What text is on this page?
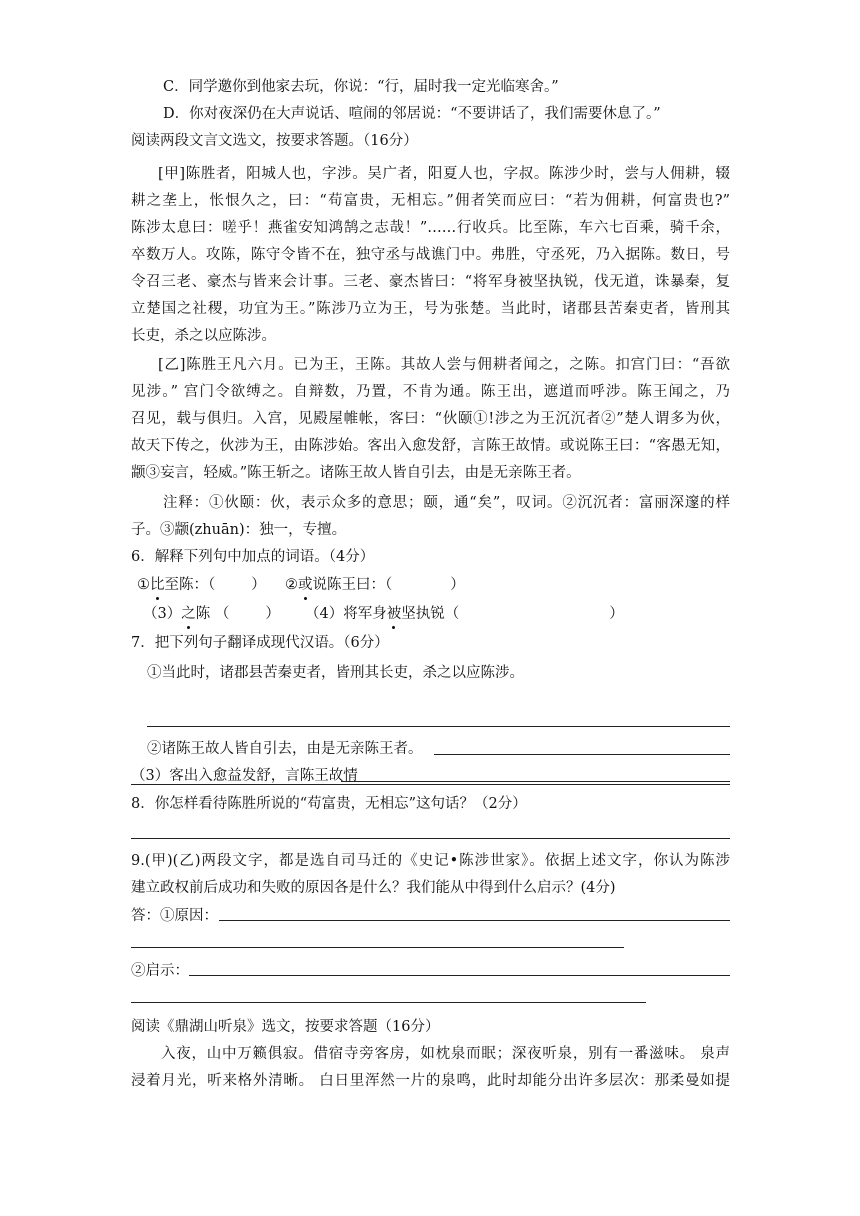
C．同学邀你到他家去玩，你说：“行，届时我一定光临寒舍。”
D．你对夜深仍在大声说话、喧闹的邻居说：“不要讲话了，我们需要休息了。”
阅读两段文言文选文，按要求答题。（16分）
[甲]陈胜者，阳城人也，字涉。吴广者，阳夏人也，字叔。陈涉少时，尝与人佣耕，辍
耕之垄上，怅恨久之，曰：“苟富贵，无相忘。”佣者笑而应曰：“若为佣耕，何富贵也?”
陈涉太息曰：嗟乎！燕雀安知鸿鹄之志哉！”……行收兵。比至陈，车六七百乘，骑千余，
卒数万人。攻陈，陈守令皆不在，独守丞与战谯门中。弗胜，守丞死，乃入据陈。数日，号
令召三老、豪杰与皆来会计事。三老、豪杰皆曰：“将军身被坚执锐，伐无道，诛暴秦，复
立楚国之社稷，功宜为王。”陈涉乃立为王，号为张楚。当此时，诸郡县苦秦吏者，皆刑其
长吏，杀之以应陈涉。
[乙]陈胜王凡六月。已为王，王陈。其故人尝与佣耕者闻之，之陈。扣宫门曰：“吾欲
见涉。” 宫门令欲缚之。自辩数，乃置，不肯为通。陈王出，遮道而呼涉。陈王闻之，乃
召见，载与俱归。入宫，见殿屋帷帐，客曰：“伙颐①!涉之为王沉沉者②”楚人谓多为伙，
故天下传之，伙涉为王，由陈涉始。客出入愈发舒，言陈王故情。或说陈王曰：“客愚无知，
颛③妄言，轻威。”陈王斩之。诸陈王故人皆自引去，由是无亲陈王者。
注释：①伙颐：伙，表示众多的意思；颐，通“矣”，叹词。②沉沉者：富丽深邃的样
子。③颛(zhuān)：独一，专擅。
6．解释下列句中加点的词语。（4分）
①比至陈：（ ） ②或说陈王曰：（	）
（3）之陈 （ ） （4）将军身被坚执锐（	）
7．把下列句子翻译成现代汉语。（6分）
①当此时，诸郡县苦秦吏者，皆刑其长吏，杀之以应陈涉。
②诸陈王故人皆自引去，由是无亲陈王者。
（3）客出入愈益发舒，言陈王故情
8．你怎样看待陈胜所说的“苟富贵，无相忘”这句话？（2分）
9.(甲)(乙)两段文字，都是选自司马迁的《史记•陈涉世家》。依据上述文字，你认为陈涉
建立政权前后成功和失败的原因各是什么？我们能从中得到什么启示？(4分)
答：①原因：
②启示：
阅读《鼎湖山听泉》选文，按要求答题（16分）
入夜，山中万籁俱寂。借宿寺旁客房，如枕泉而眠；深夜听泉，别有一番滋味。 泉声
浸着月光，听来格外清晰。 白日里浑然一片的泉鸣，此时却能分出许多层次：那柔曼如提
